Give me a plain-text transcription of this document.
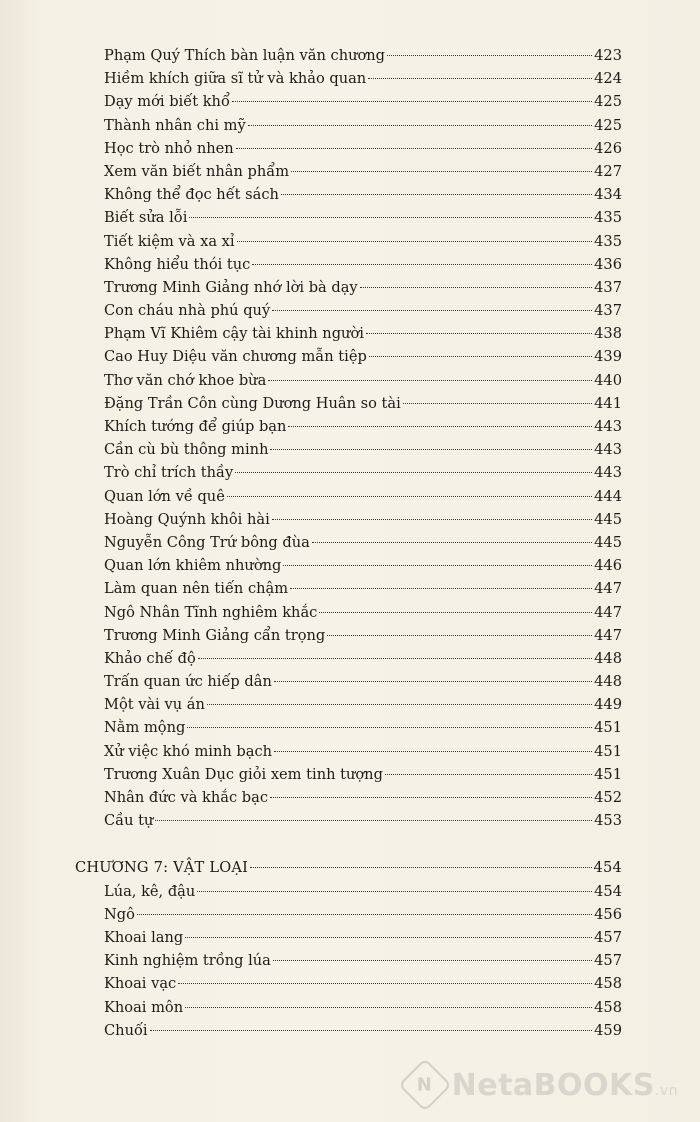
Phạm Quý Thích bàn luận văn chương	423
Hiềm khích giữa sĩ tử và khảo quan	424
Dạy mới biết khổ	425
Thành nhân chi mỹ	425
Học trò nhỏ nhen	426
Xem văn biết nhân phẩm	427
Không thể đọc hết sách	434
Biết sửa lỗi	435
Tiết kiệm và xa xỉ	435
Không hiểu thói tục	436
Trương Minh Giảng nhớ lời bà dạy	437
Con cháu nhà phú quý	437
Phạm Vĩ Khiêm cậy tài khinh người	438
Cao Huy Diệu văn chương mẫn tiệp	439
Thơ văn chớ khoe bừa	440
Đặng Trần Côn cùng Dương Huân so tài	441
Khích tướng để giúp bạn	443
Cần cù bù thông minh	443
Trò chỉ trích thầy	443
Quan lớn về quê	444
Hoàng Quýnh khôi hài	445
Nguyễn Công Trứ bông đùa	445
Quan lớn khiêm nhường	446
Làm quan nên tiến chậm	447
Ngô Nhân Tĩnh nghiêm khắc	447
Trương Minh Giảng cẩn trọng	447
Khảo chế độ	448
Trấn quan ức hiếp dân	448
Một vài vụ án	449
Nằm mộng	451
Xử việc khó minh bạch	451
Trương Xuân Dục giỏi xem tinh tượng	451
Nhân đức và khắc bạc	452
Cầu tự	453
CHƯƠNG 7: VẬT LOẠI	454
Lúa, kê, đậu	454
Ngô	456
Khoai lang	457
Kinh nghiệm trồng lúa	457
Khoai vạc	458
Khoai môn	458
Chuối	459
N NetaBOOKS.vn
